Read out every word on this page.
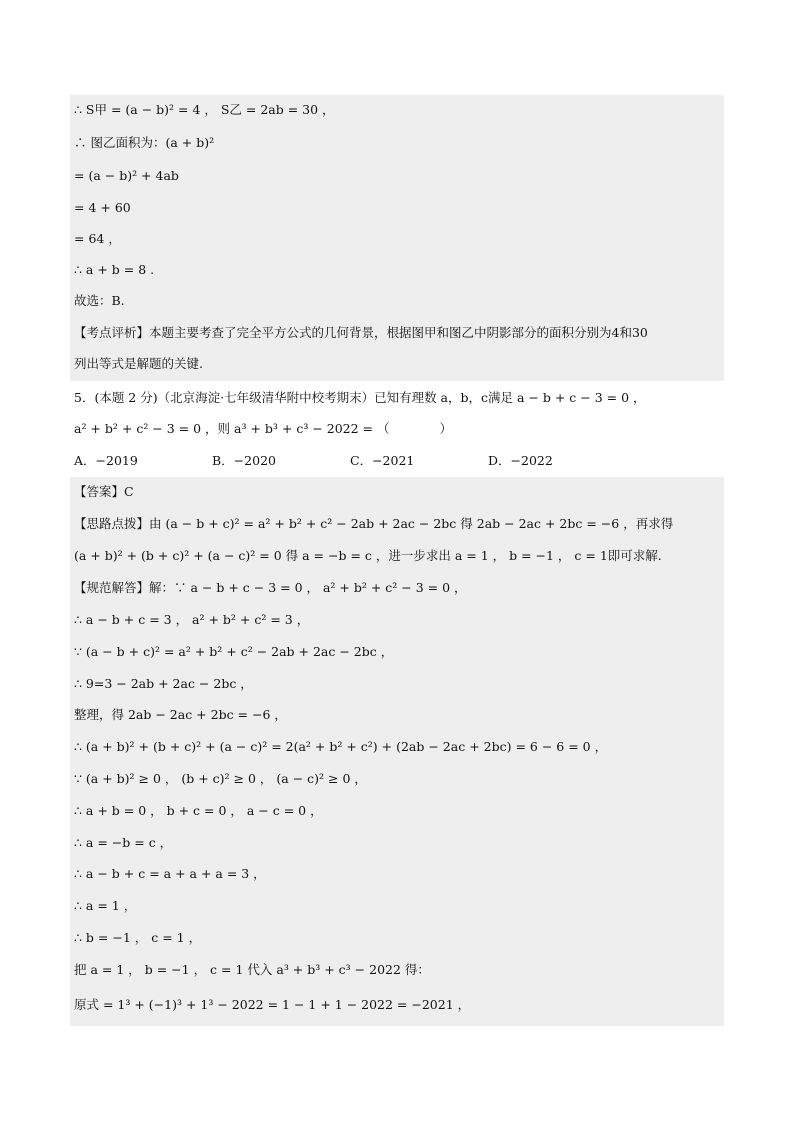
∴ S甲 = (a − b)² = 4 ， S乙 = 2ab = 30 ，
∴ 图乙面积为：(a + b)²
= (a − b)² + 4ab
= 4 + 60
= 64 ，
∴ a + b = 8 .
故选：B.
【考点评析】本题主要考查了完全平方公式的几何背景，根据图甲和图乙中阴影部分的面积分别为4和30
列出等式是解题的关键.
5．(本题 2 分)（北京海淀·七年级清华附中校考期末）已知有理数 a，b，c满足 a − b + c − 3 = 0 ，
a² + b² + c² − 3 = 0 ，则 a³ + b³ + c³ − 2022 = （　　　　）
A．−2019	B．−2020	C．−2021	D．−2022
【答案】C
【思路点拨】由 (a − b + c)² = a² + b² + c² − 2ab + 2ac − 2bc 得 2ab − 2ac + 2bc = −6 ，再求得
(a + b)² + (b + c)² + (a − c)² = 0 得 a = −b = c ，进一步求出 a = 1 ， b = −1 ， c = 1即可求解.
【规范解答】解：∵ a − b + c − 3 = 0 ， a² + b² + c² − 3 = 0 ，
∴ a − b + c = 3 ， a² + b² + c² = 3 ，
∵ (a − b + c)² = a² + b² + c² − 2ab + 2ac − 2bc ，
∴ 9=3 − 2ab + 2ac − 2bc ，
整理，得 2ab − 2ac + 2bc = −6 ，
∴ (a + b)² + (b + c)² + (a − c)² = 2(a² + b² + c²) + (2ab − 2ac + 2bc) = 6 − 6 = 0 ，
∵ (a + b)² ≥ 0 ， (b + c)² ≥ 0 ， (a − c)² ≥ 0 ，
∴ a + b = 0 ， b + c = 0 ， a − c = 0 ，
∴ a = −b = c ，
∴ a − b + c = a + a + a = 3 ，
∴ a = 1 ，
∴ b = −1 ， c = 1 ，
把 a = 1 ， b = −1 ， c = 1 代入 a³ + b³ + c³ − 2022 得：
原式 = 1³ + (−1)³ + 1³ − 2022 = 1 − 1 + 1 − 2022 = −2021 ，
